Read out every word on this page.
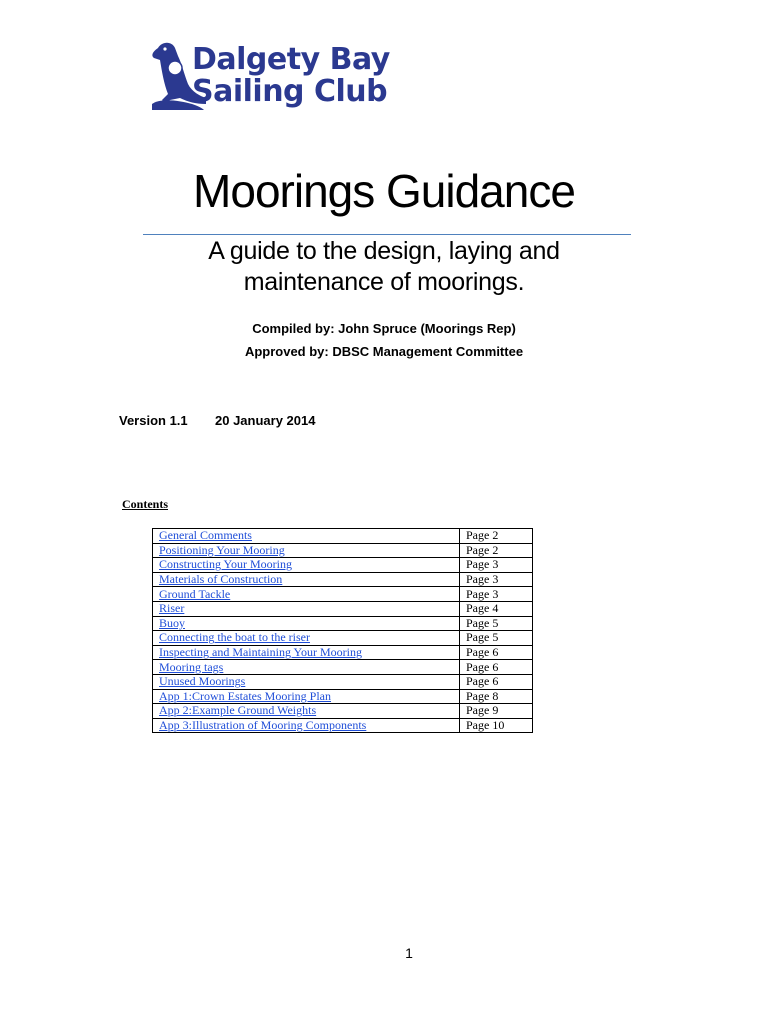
Dalgety Bay
Sailing Club
Moorings Guidance
A guide to the design, laying and
maintenance of moorings.
Compiled by: John Spruce (Moorings Rep)
Approved by: DBSC Management Committee
Version 1.1 20 January 2014
Contents
General Comments	Page 2
Positioning Your Mooring	Page 2
Constructing Your Mooring	Page 3
Materials of Construction	Page 3
Ground Tackle	Page 3
Riser	Page 4
Buoy	Page 5
Connecting the boat to the riser	Page 5
Inspecting and Maintaining Your Mooring	Page 6
Mooring tags	Page 6
Unused Moorings	Page 6
App 1:Crown Estates Mooring Plan	Page 8
App 2:Example Ground Weights	Page 9
App 3:Illustration of Mooring Components	Page 10
1
